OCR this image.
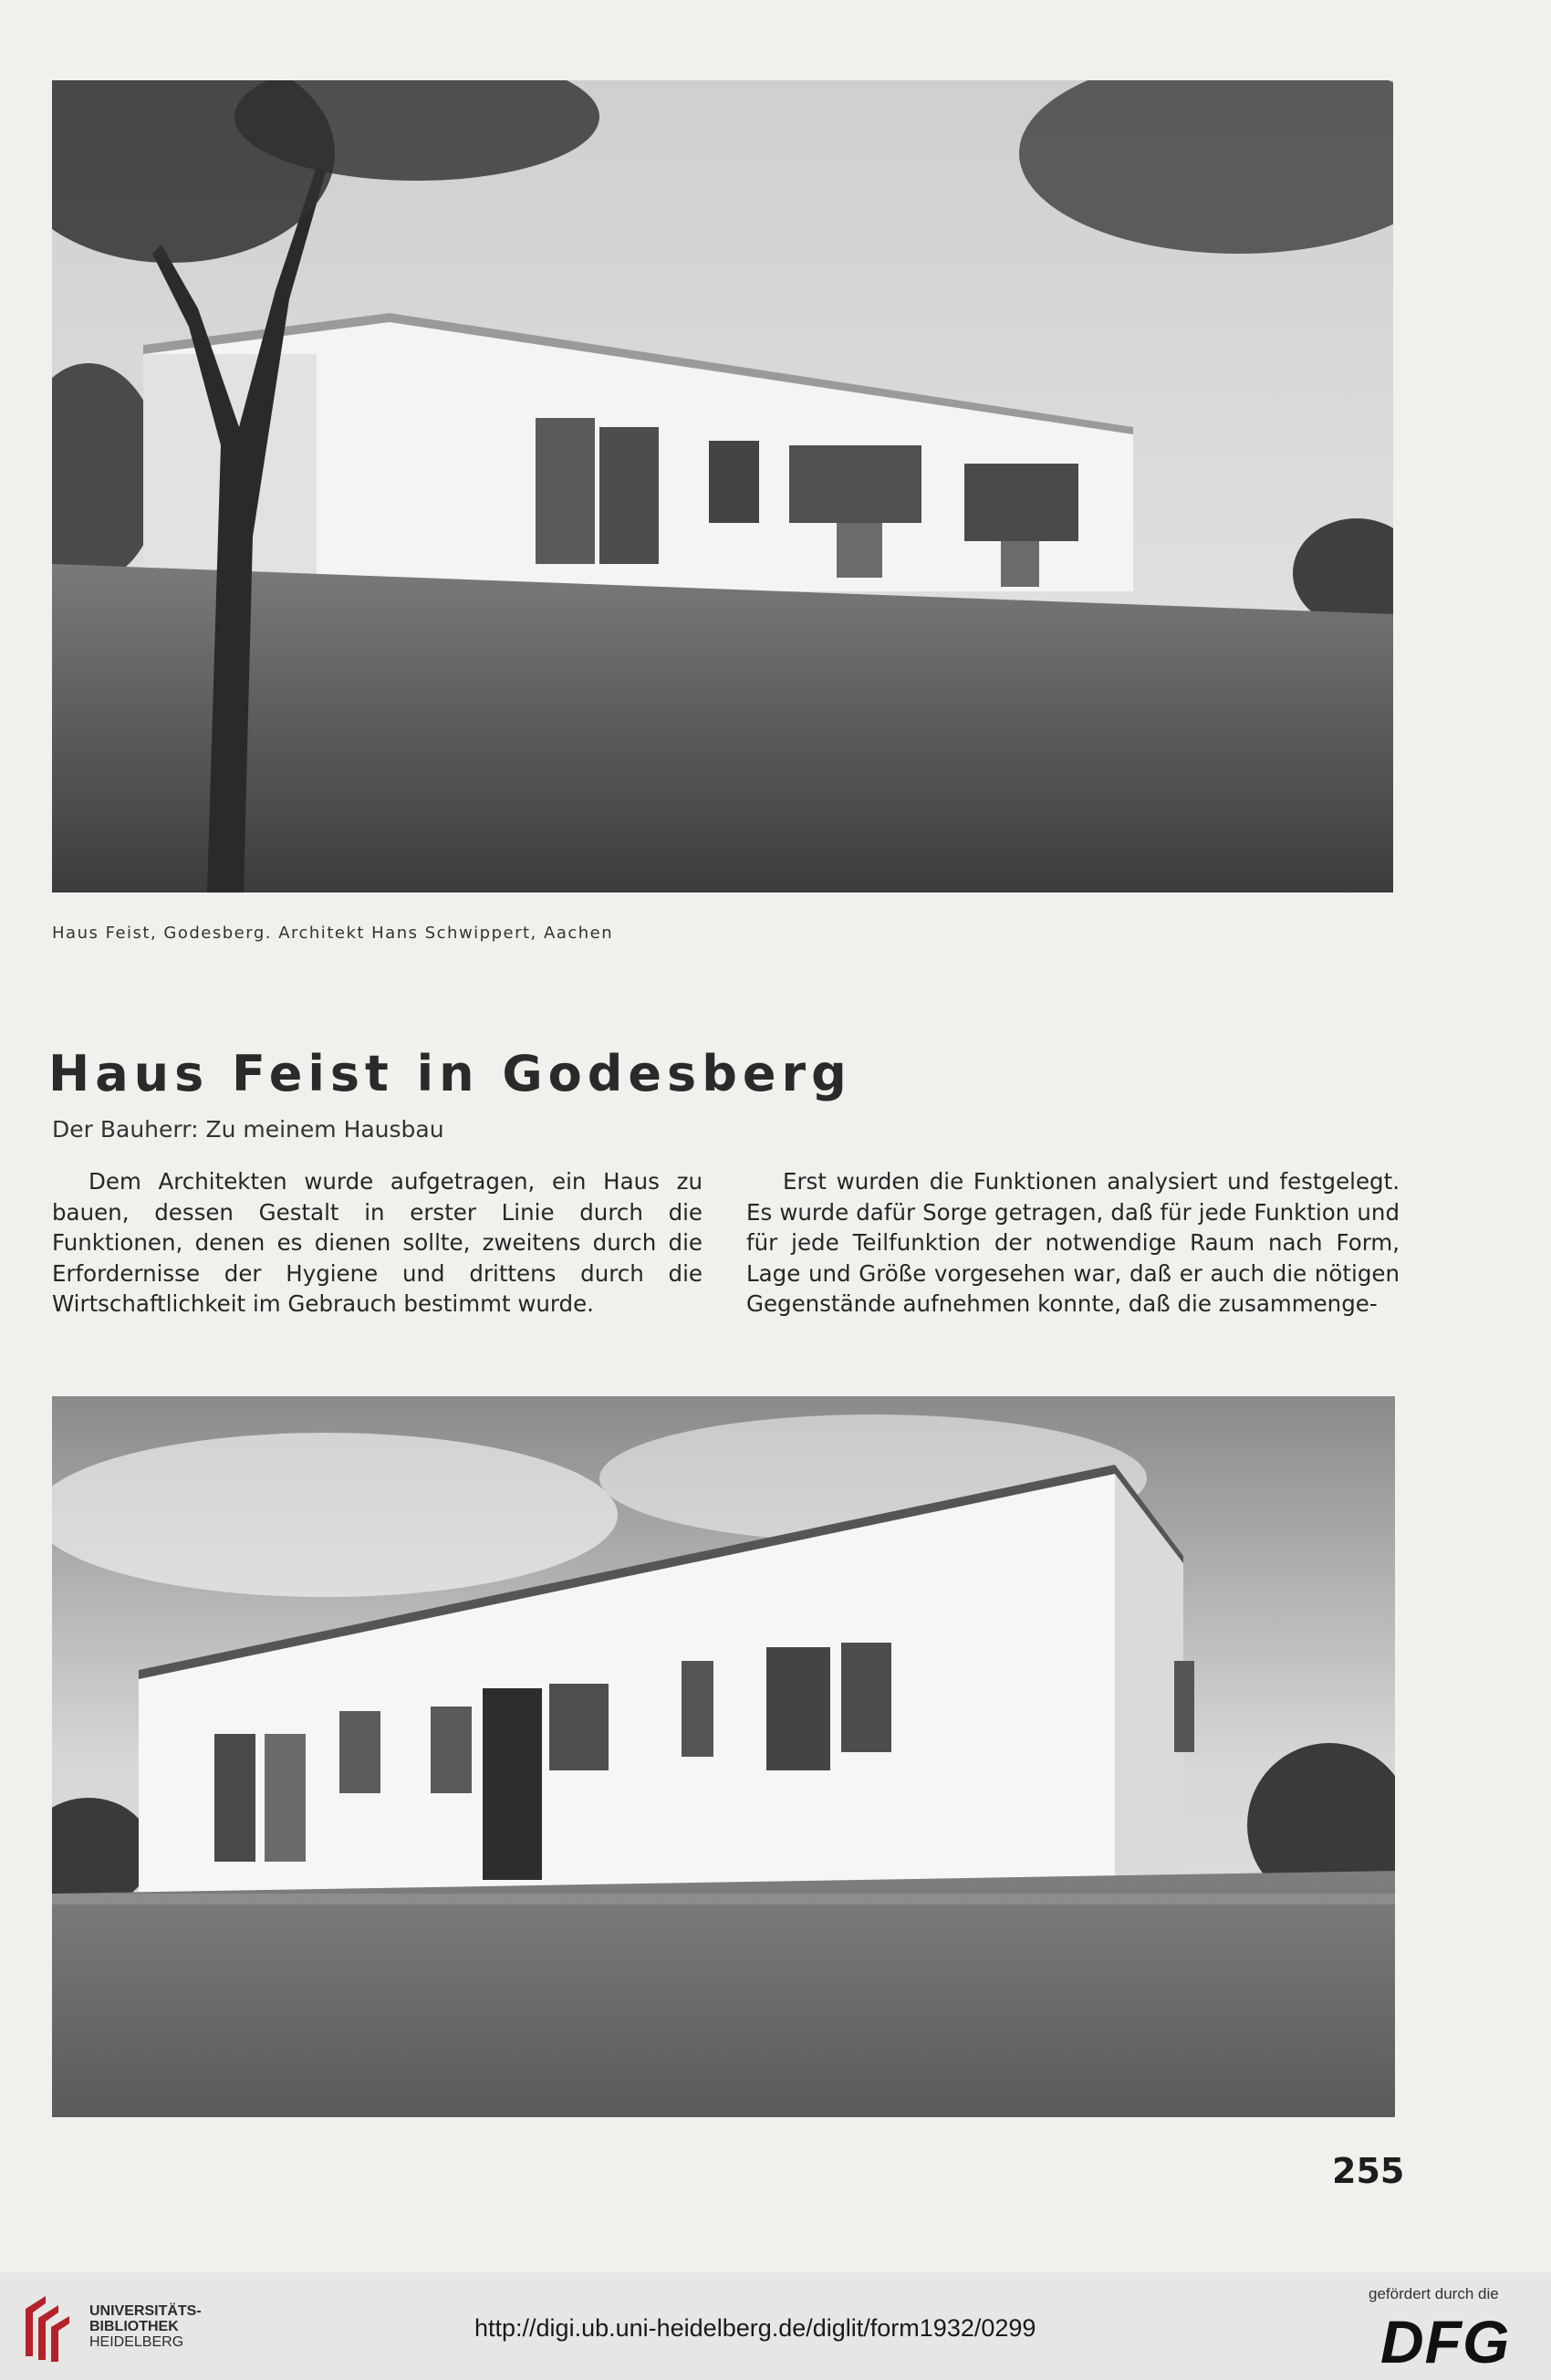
Haus Feist, Godesberg. Architekt Hans Schwippert, Aachen
Haus Feist in Godesberg
Der Bauherr: Zu meinem Hausbau
Dem Architekten wurde aufgetragen, ein Haus zu bauen, dessen Gestalt in erster Linie durch die Funktionen, denen es dienen sollte, zweitens durch die Erfordernisse der Hygiene und drittens durch die Wirtschaftlichkeit im Gebrauch bestimmt wurde.
Erst wurden die Funktionen analysiert und festgelegt. Es wurde dafür Sorge getragen, daß für jede Funktion und für jede Teilfunktion der notwendige Raum nach Form, Lage und Größe vorgesehen war, daß er auch die nötigen Gegenstände aufnehmen konnte, daß die zusammenge-
255
UNIVERSITÄTS-
BIBLIOTHEK
HEIDELBERG
http://digi.ub.uni-heidelberg.de/diglit/form1932/0299
gefördert durch die
DFG
